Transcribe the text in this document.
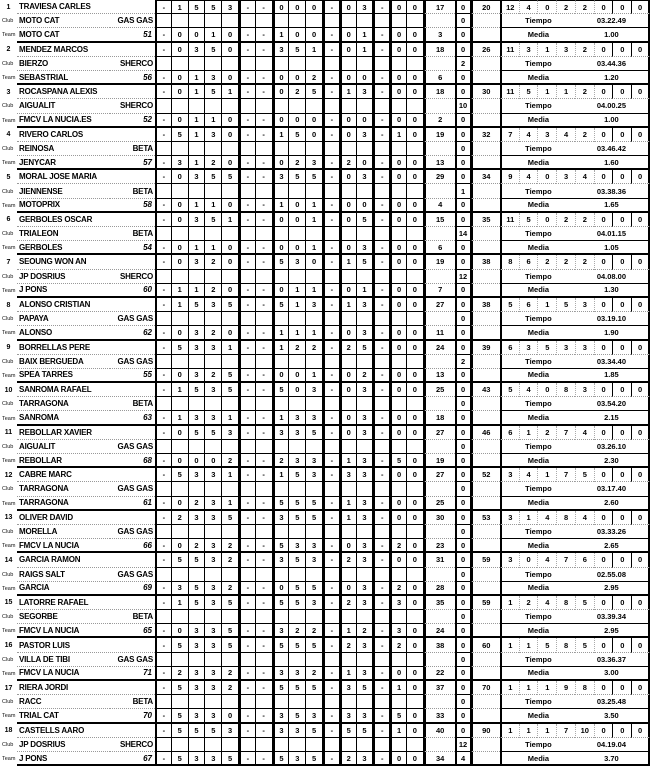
1	TRAVIESA CARLES	-	1	5	5	3	-	-	0	0	0	-	0	3	-	0	0	17	0	20	12	4	0	2	2	0	0	0
Club MOTO CAT	GAS GAS	0	Tiempo	03.22.49
Team MOTO CAT	51	-	0	0	1	0	-	-	1	0	0	-	0	1	-	0	0	3	0	Media	1.00
2	MENDEZ MARCOS	-	0	3	5	0	-	-	3	5	1	-	0	1	-	0	0	18	0	26	11	3	1	3	2	0	0	0
Club BIERZO	SHERCO	2	Tiempo	03.44.36
Team SEBASTRIAL	56	-	0	1	3	0	-	-	0	0	2	-	0	0	-	0	0	6	0	Media	1.20
3	ROCASPANA ALEXIS	-	0	1	5	1	-	-	0	2	5	-	1	3	-	0	0	18	0	30	11	5	1	1	2	0	0	0
Club AIGUALIT	SHERCO	10	Tiempo	04.00.25
Team FMCV LA NUCIA.ES	52	-	0	1	1	0	-	-	0	0	0	-	0	0	-	0	0	2	0	Media	1.00
4	RIVERO CARLOS	-	5	1	3	0	-	-	1	5	0	-	0	3	-	1	0	19	0	32	7	4	3	4	2	0	0	0
Club REINOSA	BETA	0	Tiempo	03.46.42
Team JENYCAR	57	-	3	1	2	0	-	-	0	2	3	-	2	0	-	0	0	13	0	Media	1.60
5	MORAL JOSE MARIA	-	0	3	5	5	-	-	3	5	5	-	0	3	-	0	0	29	0	34	9	4	0	3	4	0	0	0
Club JIENNENSE	BETA	1	Tiempo	03.38.36
Team MOTOPRIX	58	-	0	1	1	0	-	-	1	0	1	-	0	0	-	0	0	4	0	Media	1.65
6	GERBOLES OSCAR	-	0	3	5	1	-	-	0	0	1	-	0	5	-	0	0	15	0	35	11	5	0	2	2	0	0	0
Club TRIALEON	BETA	14	Tiempo	04.01.15
Team GERBOLES	54	-	0	1	1	0	-	-	0	0	1	-	0	3	-	0	0	6	0	Media	1.05
7	SEOUNG WON AN	-	0	3	2	0	-	-	5	3	0	-	1	5	-	0	0	19	0	38	8	6	2	2	2	0	0	0
Club JP DOSRIUS	SHERCO	12	Tiempo	04.08.00
Team J PONS	60	-	1	1	2	0	-	-	0	1	1	-	0	1	-	0	0	7	0	Media	1.30
8	ALONSO CRISTIAN	-	1	5	3	5	-	-	5	1	3	-	1	3	-	0	0	27	0	38	5	6	1	5	3	0	0	0
Club PAPAYA	GAS GAS	0	Tiempo	03.19.10
Team ALONSO	62	-	0	3	2	0	-	-	1	1	1	-	0	3	-	0	0	11	0	Media	1.90
9	BORRELLAS PERE	-	5	3	3	1	-	-	1	2	2	-	2	5	-	0	0	24	0	39	6	3	5	3	3	0	0	0
Club BAIX BERGUEDA	GAS GAS	2	Tiempo	03.34.40
Team SPEA TARRES	55	-	0	3	2	5	-	-	0	0	1	-	0	2	-	0	0	13	0	Media	1.85
10 SANROMA RAFAEL	-	1	5	3	5	-	-	5	0	3	-	0	3	-	0	0	25	0	43	5	4	0	8	3	0	0	0
Club TARRAGONA	BETA	0	Tiempo	03.54.20
Team SANROMA	63	-	1	3	3	1	-	-	1	3	3	-	0	3	-	0	0	18	0	Media	2.15
11 REBOLLAR XAVIER	-	0	5	5	3	-	-	3	3	5	-	0	3	-	0	0	27	0	46	6	1	2	7	4	0	0	0
Club AIGUALIT	GAS GAS	0	Tiempo	03.26.10
Team REBOLLAR	68	-	0	0	0	2	-	-	2	3	3	-	1	3	-	5	0	19	0	Media	2.30
12 CABRE MARC	-	5	3	3	1	-	-	1	5	3	-	3	3	-	0	0	27	0	52	3	4	1	7	5	0	0	0
Club TARRAGONA	GAS GAS	0	Tiempo	03.17.40
Team TARRAGONA	61	-	0	2	3	1	-	-	5	5	5	-	1	3	-	0	0	25	0	Media	2.60
13 OLIVER DAVID	-	2	3	3	5	-	-	3	5	5	-	1	3	-	0	0	30	0	53	3	1	4	8	4	0	0	0
Club MORELLA	GAS GAS	0	Tiempo	03.33.26
Team FMCV LA NUCIA	66	-	0	2	3	2	-	-	5	3	3	-	0	3	-	2	0	23	0	Media	2.65
14 GARCIA RAMON	-	5	5	3	2	-	-	3	5	3	-	2	3	-	0	0	31	0	59	3	0	4	7	6	0	0	0
Club RAIGS SALT	GAS GAS	0	Tiempo	02.55.08
Team GARCIA	69	-	3	5	3	2	-	-	0	5	5	-	0	3	-	2	0	28	0	Media	2.95
15 LATORRE RAFAEL	-	1	5	3	5	-	-	5	5	3	-	2	3	-	3	0	35	0	59	1	2	4	8	5	0	0	0
Club SEGORBE	BETA	0	Tiempo	03.39.34
Team FMCV LA NUCIA	65	-	0	3	3	5	-	-	3	2	2	-	1	2	-	3	0	24	0	Media	2.95
16 PASTOR LUIS	-	5	3	3	5	-	-	5	5	5	-	2	3	-	2	0	38	0	60	1	1	5	8	5	0	0	0
Club VILLA DE TIBI	GAS GAS	0	Tiempo	03.36.37
Team FMCV LA NUCIA	71	-	2	3	3	2	-	-	3	3	2	-	1	3	-	0	0	22	0	Media	3.00
17 RIERA JORDI	-	5	3	3	2	-	-	5	5	5	-	3	5	-	1	0	37	0	70	1	1	1	9	8	0	0	0
Club RACC	BETA	0	Tiempo	03.25.48
Team TRIAL CAT	70	-	5	3	3	0	-	-	3	5	3	-	3	3	-	5	0	33	0	Media	3.50
18 CASTELLS AARO	-	5	5	5	3	-	-	3	3	5	-	5	5	-	1	0	40	0	90	1	1	1	7	10	0	0	0
Club JP DOSRIUS	SHERCO	12	Tiempo	04.19.04
Team J PONS	67	-	5	3	3	5	-	-	5	3	5	-	2	3	-	0	0	34	4	Media	3.70
